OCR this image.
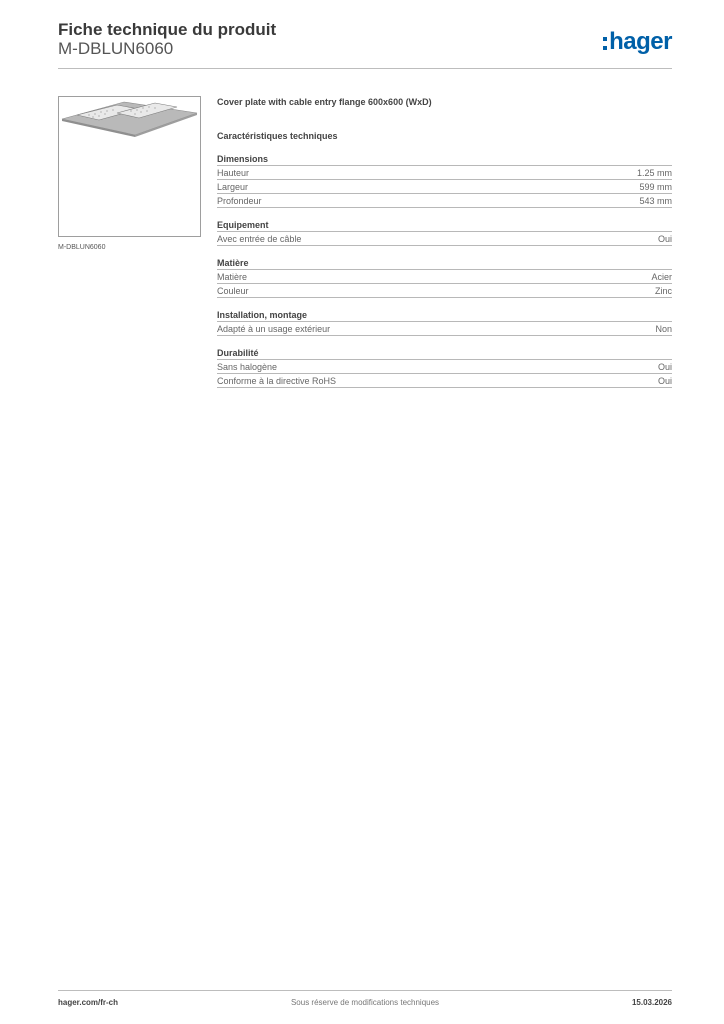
Fiche technique du produit
M-DBLUN6060	hager
M-DBLUN6060
Cover plate with cable entry flange 600x600 (WxD)
Caractéristiques techniques
Dimensions
Hauteur	1.25 mm
Largeur	599 mm
Profondeur	543 mm
Equipement
Avec entrée de câble	Oui
Matière
Matière	Acier
Couleur	Zinc
Installation, montage
Adapté à un usage extérieur	Non
Durabilité
Sans halogène	Oui
Conforme à la directive RoHS	Oui
hager.com/fr-ch	Sous réserve de modifications techniques	15.03.2026
